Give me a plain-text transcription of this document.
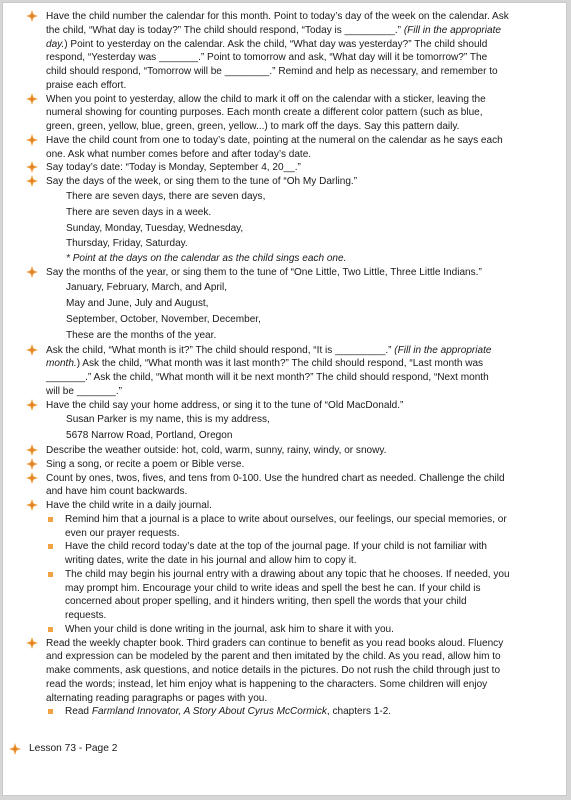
Have the child number the calendar for this month. Point to today’s day of the week on the calendar. Ask
the child, “What day is today?” The child should respond, “Today is _________.” (Fill in the appropriate
day.) Point to yesterday on the calendar. Ask the child, “What day was yesterday?” The child should
respond, “Yesterday was _______.” Point to tomorrow and ask, “What day will it be tomorrow?” The
child should respond, “Tomorrow will be ________.” Remind and help as necessary, and remember to
praise each effort.
When you point to yesterday, allow the child to mark it off on the calendar with a sticker, leaving the
numeral showing for counting purposes. Each month create a different color pattern (such as blue,
green, green, yellow, blue, green, green, yellow...) to mark off the days. Say this pattern daily.
Have the child count from one to today’s date, pointing at the numeral on the calendar as he says each
one. Ask what number comes before and after today’s date.
Say today’s date: “Today is Monday, September 4, 20__.”
Say the days of the week, or sing them to the tune of “Oh My Darling.”
There are seven days, there are seven days,
There are seven days in a week.
Sunday, Monday, Tuesday, Wednesday,
Thursday, Friday, Saturday.
* Point at the days on the calendar as the child sings each one.
Say the months of the year, or sing them to the tune of “One Little, Two Little, Three Little Indians.”
January, February, March, and April,
May and June, July and August,
September, October, November, December,
These are the months of the year.
Ask the child, “What month is it?” The child should respond, “It is _________.” (Fill in the appropriate
month.) Ask the child, “What month was it last month?” The child should respond, “Last month was
_______.” Ask the child, “What month will it be next month?” The child should respond, “Next month
will be _______.”
Have the child say your home address, or sing it to the tune of “Old MacDonald.”
Susan Parker is my name, this is my address,
5678 Narrow Road, Portland, Oregon
Describe the weather outside: hot, cold, warm, sunny, rainy, windy, or snowy.
Sing a song, or recite a poem or Bible verse.
Count by ones, twos, fives, and tens from 0-100. Use the hundred chart as needed. Challenge the child
and have him count backwards.
Have the child write in a daily journal.
Remind him that a journal is a place to write about ourselves, our feelings, our special memories, or
even our prayer requests.
Have the child record today’s date at the top of the journal page. If your child is not familiar with
writing dates, write the date in his journal and allow him to copy it.
The child may begin his journal entry with a drawing about any topic that he chooses. If needed, you
may prompt him. Encourage your child to write ideas and spell the best he can. If your child is
concerned about proper spelling, and it hinders writing, then spell the words that your child
requests.
When your child is done writing in the journal, ask him to share it with you.
Read the weekly chapter book. Third graders can continue to benefit as you read books aloud. Fluency
and expression can be modeled by the parent and then imitated by the child. As you read, allow him to
make comments, ask questions, and notice details in the pictures. Do not rush the child through just to
read the words; instead, let him enjoy what is happening to the characters. Some children will enjoy
alternating reading paragraphs or pages with you.
Read Farmland Innovator, A Story About Cyrus McCormick, chapters 1-2.
Lesson 73 - Page 2
